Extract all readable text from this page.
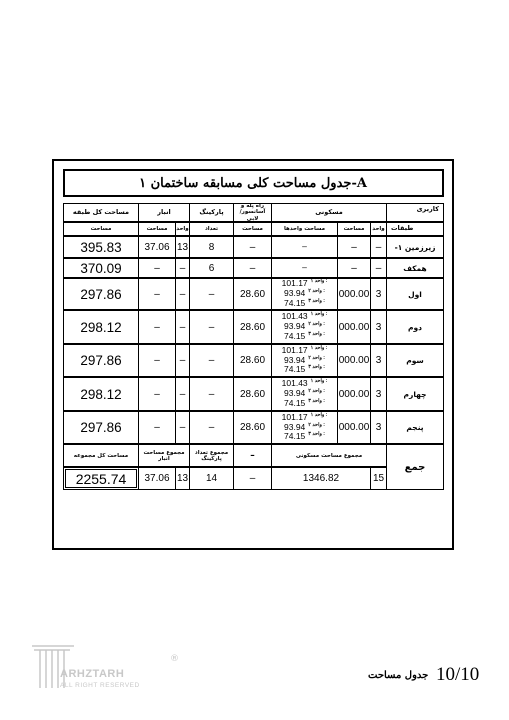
جدول مساحت کلی مسابقه ساختمان ۱-A
کاربری
مسکونی
راه پله و آسانسور/لابی
پارکینگ
انبار
مساحت کل طبقه
طبقات
واحد
مساحت
مساحت واحدها
مساحت
تعداد
واحد
مساحت
مساحت
زیرزمین ۱-
–
–
–
–
8
13
37.06
395.83
همکف
–
–
–
–
6
–
–
370.09
اول
3
000.00
101.17 واحد ۱ :
93.94 واحد ۲ :
74.15 واحد ۳ :
28.60
–
–
–
297.86
دوم
3
000.00
101.43 واحد ۱ :
93.94 واحد ۲ :
74.15 واحد ۳ :
28.60
–
–
–
298.12
سوم
3
000.00
101.17 واحد ۱ :
93.94 واحد ۲ :
74.15 واحد ۳ :
28.60
–
–
–
297.86
چهارم
3
000.00
101.43 واحد ۱ :
93.94 واحد ۲ :
74.15 واحد ۳ :
28.60
–
–
–
298.12
پنجم
3
000.00
101.17 واحد ۱ :
93.94 واحد ۲ :
74.15 واحد ۳ :
28.60
–
–
–
297.86
جمع
مجموع مساحت مسکونی
–
مجموع تعداد پارکینگ
مجموع مساحت انبار
مساحت کل مجموعه
15
1346.82
–
14
13
37.06
2255.74
ARHZTARH
ALL RIGHT RESERVED
®
جدول مساحت 10/10
